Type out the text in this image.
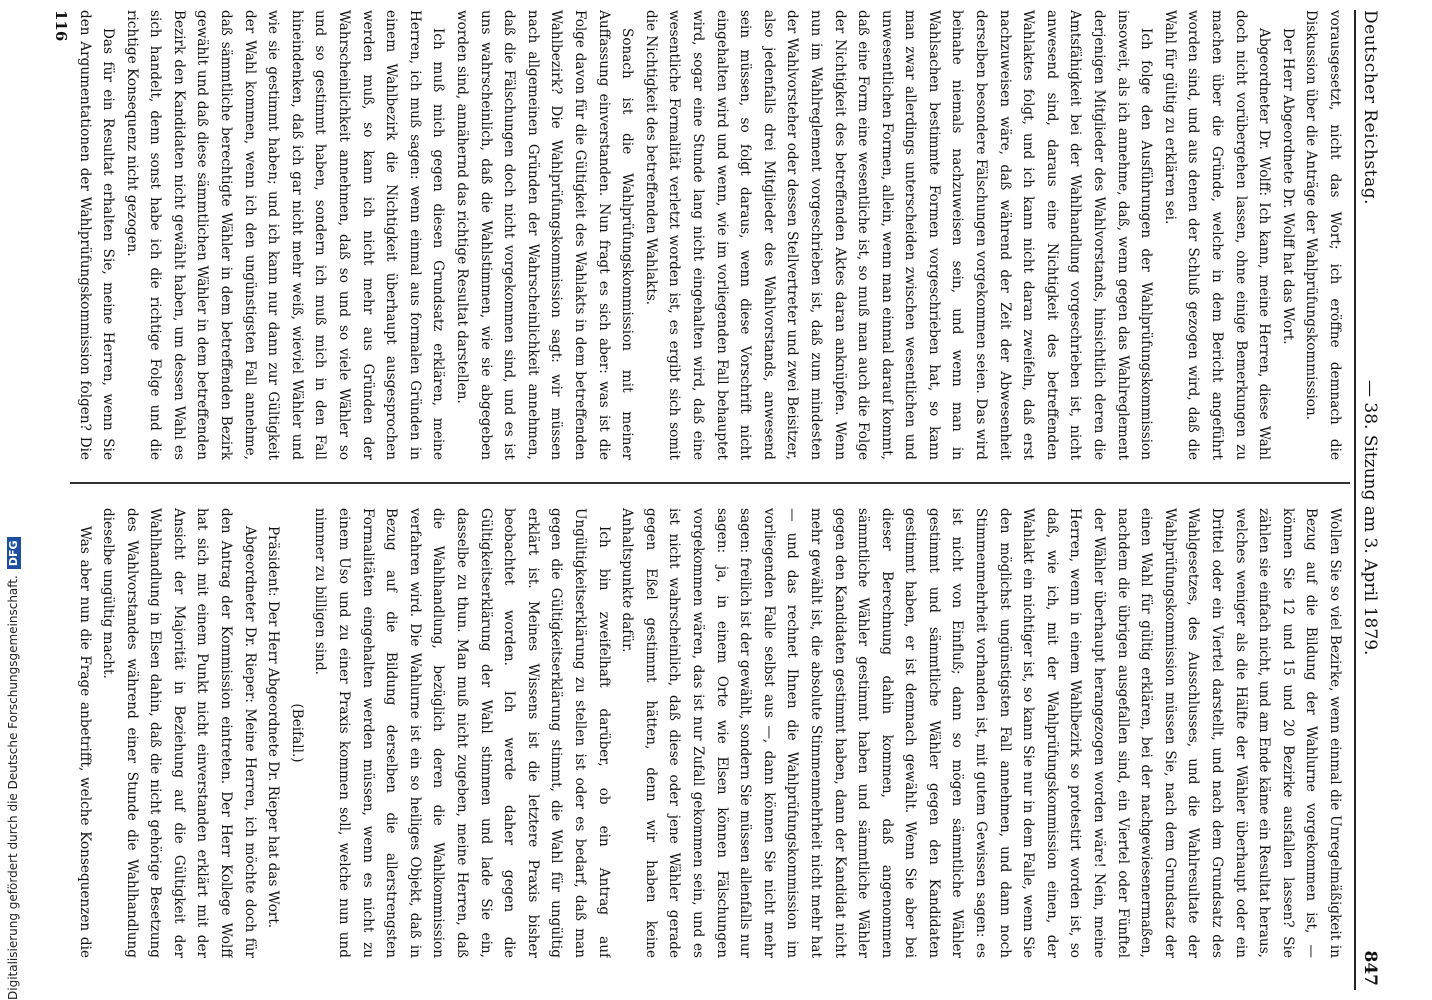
Deutscher Reichstag.
— 38. Sitzung am 3. April 1879.
847

vorausgesetzt, nicht das Wort; ich eröffne demnach die Diskussion über die Anträge der Wahlprüfungskommission.

Der Herr Abgeordnete Dr. Wolff hat das Wort.

Abgeordneter Dr. Wolff: Ich kann, meine Herren, diese Wahl doch nicht vorübergehen lassen, ohne einige Bemerkungen zu machen über die Gründe, welche in dem Bericht angeführt worden sind, und aus denen der Schluß gezogen wird, daß die Wahl für gültig zu erklären sei.

Ich folge den Ausführungen der Wahlprüfungskommission insoweit, als ich annehme, daß, wenn gegen das Wahlreglement derjenigen Mitglieder des Wahlvorstands, hinsichtlich deren die Amtsfähigkeit bei der Wahlhandlung vorgeschrieben ist, nicht anwesend sind, daraus eine Nichtigkeit des betreffenden Wahlaktes folgt, und ich kann nicht daran zweifeln, daß erst nachzuweisen wäre, daß während der Zeit der Abwesenheit derselben besondere Fälschungen vorgekommen seien. Das wird beinahe niemals nachzuweisen sein, und wenn man in Wahlsachen bestimmte Formen vorgeschrieben hat, so kann man zwar allerdings unterscheiden zwischen wesentlichen und unwesentlichen Formen, allein, wenn man einmal darauf kommt, daß eine Form eine wesentliche ist, so muß man auch die Folge der Nichtigkeit des betreffenden Aktes daran anknüpfen. Wenn nun im Wahlreglement vorgeschrieben ist, daß zum mindesten der Wahlvorsteher oder dessen Stellvertreter und zwei Beisitzer, also jedenfalls drei Mitglieder des Wahlvorstands, anwesend sein müssen, so folgt daraus, wenn diese Vorschrift nicht eingehalten wird und wenn, wie im vorliegenden Fall behauptet wird, sogar eine Stunde lang nicht eingehalten wird, daß eine wesentliche Formalität verletzt worden ist, es ergibt sich somit die Nichtigkeit des betreffenden Wahlakts.

Sonach ist die Wahlprüfungskommission mit meiner Auffassung einverstanden. Nun fragt es sich aber: was ist die Folge davon für die Gültigkeit des Wahlakts in dem betreffenden Wahlbezirk? Die Wahlprüfungskommission sagt: wir müssen nach allgemeinen Gründen der Wahrscheinlichkeit annehmen, daß die Fälschungen doch nicht vorgekommen sind, und es ist uns wahrscheinlich, daß die Wahlstimmen, wie sie abgegeben worden sind, annähernd das richtige Resultat darstellen.

Ich muß mich gegen diesen Grundsatz erklären, meine Herren, ich muß sagen: wenn einmal aus formalen Gründen in einem Wahlbezirk die Nichtigkeit überhaupt ausgesprochen werden muß, so kann ich nicht mehr aus Gründen der Wahrscheinlichkeit annehmen, daß so und so viele Wähler so und so gestimmt haben, sondern ich muß mich in den Fall hineindenken, daß ich gar nicht mehr weiß, wieviel Wähler und wie sie gestimmt haben; und ich kann nur dann zur Gültigkeit der Wahl kommen, wenn ich den ungünstigsten Fall annehme, daß sämmtliche berechtigte Wähler in dem betreffenden Bezirk gewählt und daß diese sämmtlichen Wähler in dem betreffenden Bezirk den Kandidaten nicht gewählt haben, um dessen Wahl es sich handelt, denn sonst habe ich die richtige Folge und die richtige Konsequenz nicht gezogen.

Das für ein Resultat erhalten Sie, meine Herren, wenn Sie den Argumentationen der Wahlprüfungskommission folgen? Die

Wollen Sie so viel Bezirke, wenn einmal die Unregelmäßigkeit in Bezug auf die Bildung der Wahlurne vorgekommen ist, — können Sie 12 und 15 und 20 Bezirke ausfallen lassen? Sie zählen sie einfach nicht, und am Ende käme ein Resultat heraus, welches weniger als die Hälfte der Wähler überhaupt oder ein Drittel oder ein Viertel darstellt, und nach dem Grundsatz des Wahlgesetzes, des Ausschlusses, und die Wahlresultate der Wahlprüfungskommission müssen Sie, nach dem Grundsatz der einen Wahl für gültig erklären, bei der nachgewiesenermaßen, nachdem die übrigen ausgefallen sind, ein Viertel oder Fünftel der Wähler überhaupt herangezogen worden wäre! Nein, meine Herren, wenn in einem Wahlbezirk so protestirt worden ist, so daß, wie ich, mit der Wahlprüfungskommission einen, der Wahlakt ein nichtiger ist, so kann Sie nur in dem Falle, wenn Sie den möglichst ungünstigsten Fall annehmen, und dann noch Stimmenmehrheit vorhanden ist, mit gutem Gewissen sagen: es ist nicht von Einfluß; dann so mögen sämmtliche Wähler gestimmt und sämmtliche Wähler gegen den Kandidaten gestimmt haben, er ist demnach gewählt. Wenn Sie aber bei dieser Berechnung dahin kommen, daß angenommen sämmtliche Wähler gestimmt haben und sämmtliche Wähler gegen den Kandidaten gestimmt haben, dann der Kandidat nicht mehr gewählt ist, die absolute Stimmenmehrheit nicht mehr hat — und das rechnet Ihnen die Wahlprüfungskommission im vorliegenden Falle selbst aus —, dann können Sie nicht mehr sagen: freilich ist der gewählt, sondern Sie müssen allenfalls nur sagen: ja, in einem Orte wie Elsen können Fälschungen vorgekommen wären, das ist nur Zufall gekommen sein, und es ist nicht wahrscheinlich, daß diese oder jene Wähler gerade gegen Eßel gestimmt hätten, denn wir haben keine Anhaltspunkte dafür.

Ich bin zweifelhaft darüber, ob ein Antrag auf Ungültigkeitserklärung zu stellen ist oder es bedarf, daß man gegen die Gültigkeitserklärung stimmt, die Wahl für ungültig erklärt ist. Meines Wissens ist die letztere Praxis bisher beobachtet worden. Ich werde daher gegen die Gültigkeitserklärung der Wahl stimmen und lade Sie ein, dasselbe zu thun. Man muß nicht zugeben, meine Herren, daß die Wahlhandlung, bezüglich deren die Wahlkommission verfahren wird. Die Wahlurne ist ein so heiliges Objekt, daß in Bezug auf die Bildung derselben die allerstrengsten Formalitäten eingehalten werden müssen, wenn es nicht zu einem Uso und zu einer Praxis kommen soll, welche nun und nimmer zu billigen sind.

(Beifall.)

Präsident: Der Herr Abgeordnete Dr. Rieper hat das Wort.

Abgeordneter Dr. Rieper: Meine Herren, ich möchte doch für den Antrag der Kommission eintreten. Der Herr Kollege Wolff hat sich mit einem Punkt nicht einverstanden erklärt mit der Ansicht der Majorität in Beziehung auf die Gültigkeit der Wahlhandlung in Elsen dahin, daß die nicht gehörige Besetzung des Wahlvorstandes während einer Stunde die Wahlhandlung dieselbe ungültig macht.

Was aber nun die Frage anbetrifft, welche Konsequenzen die

116
Digitalisierung gefördert durch die Deutsche Forschungsgemeinschaft.DFG
